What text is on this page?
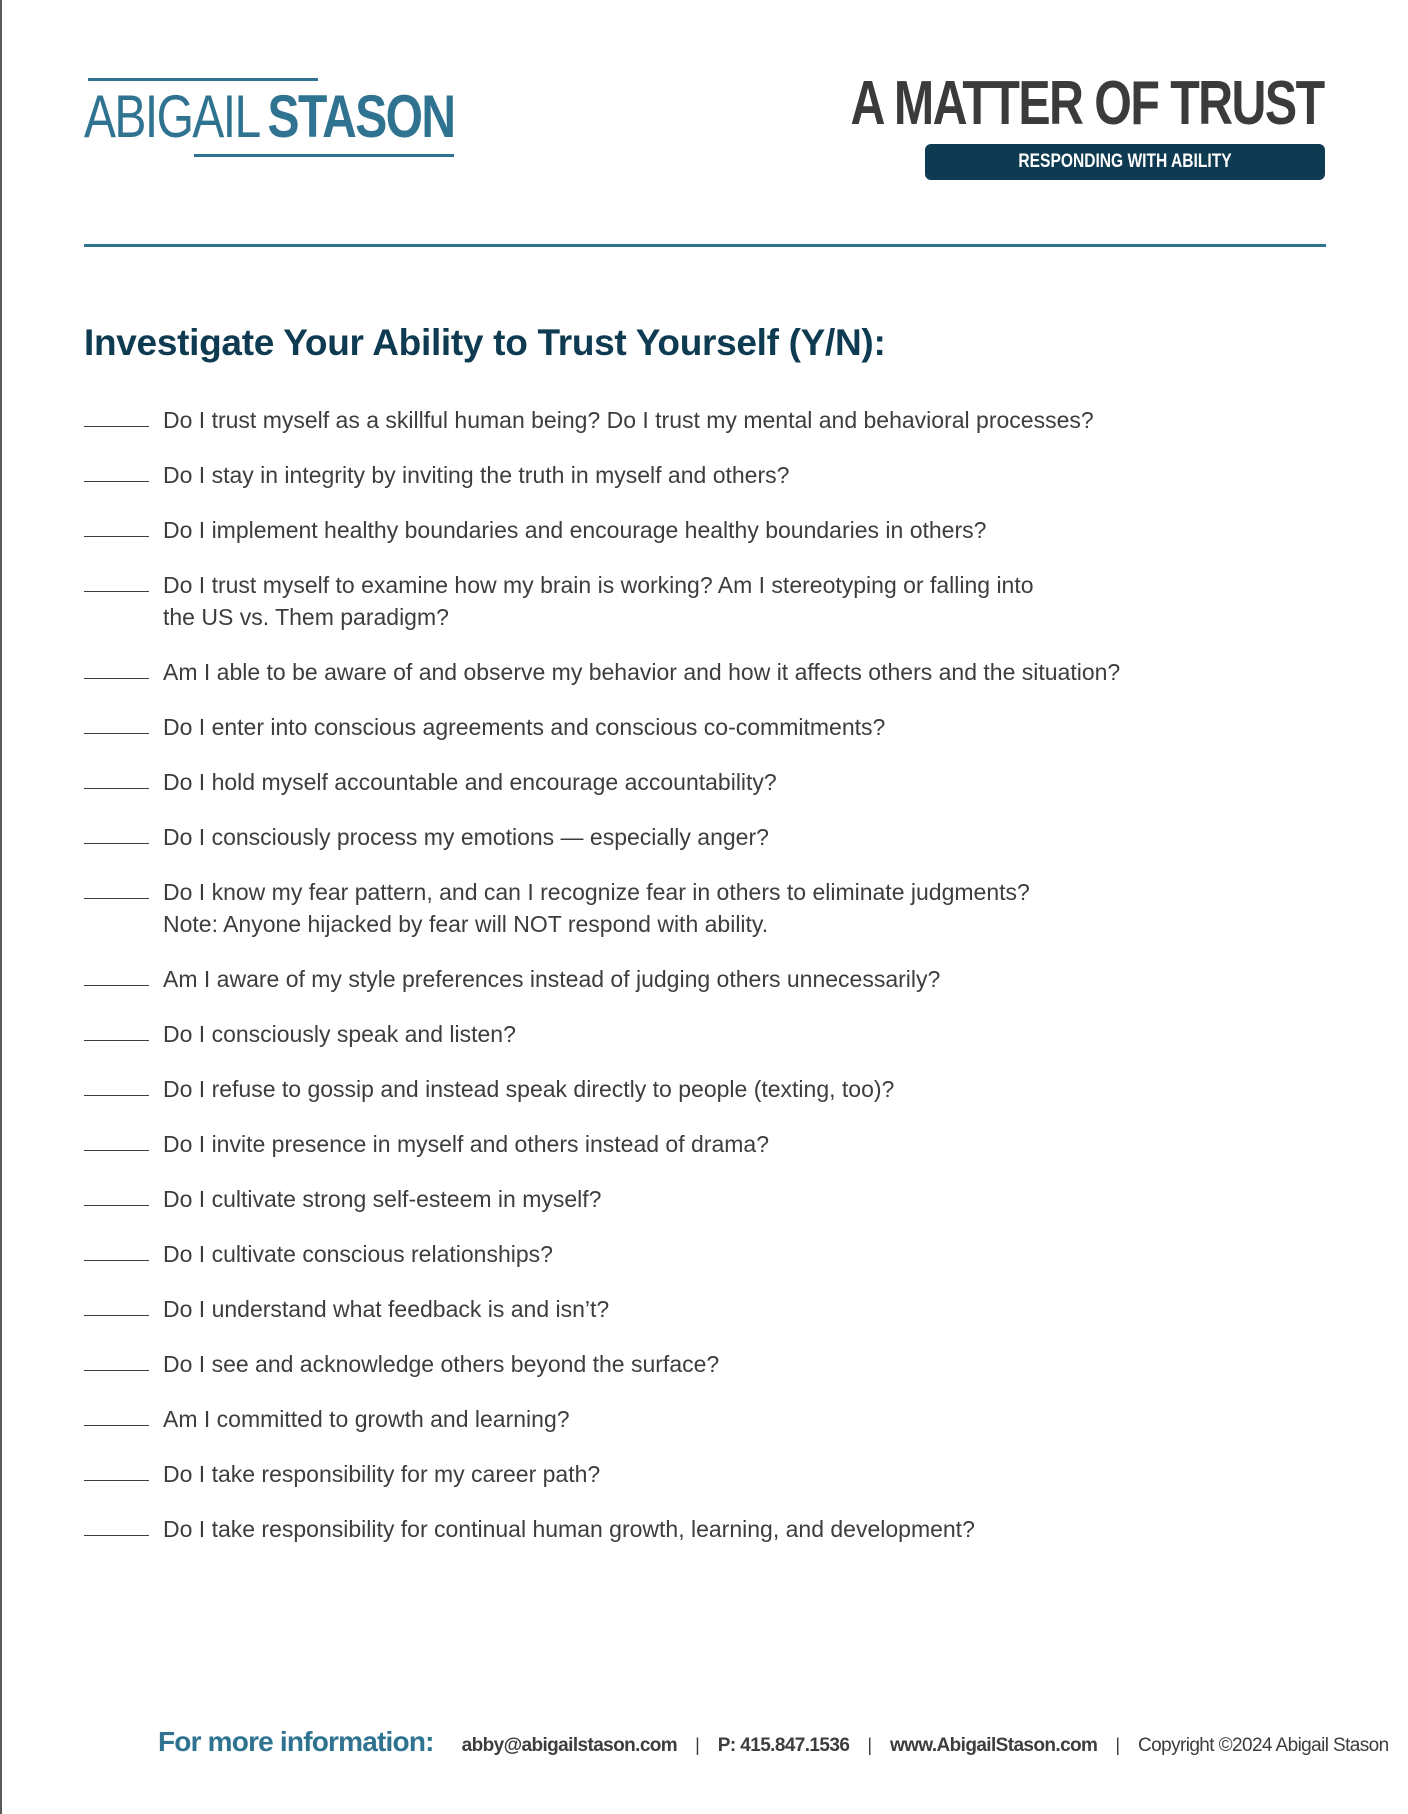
ABIGAIL STASON	A MATTER OF TRUST
RESPONDING WITH ABILITY
Investigate Your Ability to Trust Yourself (Y/N):
Do I trust myself as a skillful human being? Do I trust my mental and behavioral processes?
Do I stay in integrity by inviting the truth in myself and others?
Do I implement healthy boundaries and encourage healthy boundaries in others?
Do I trust myself to examine how my brain is working? Am I stereotyping or falling into
the US vs. Them paradigm?
Am I able to be aware of and observe my behavior and how it affects others and the situation?
Do I enter into conscious agreements and conscious co-commitments?
Do I hold myself accountable and encourage accountability?
Do I consciously process my emotions — especially anger?
Do I know my fear pattern, and can I recognize fear in others to eliminate judgments?
Note: Anyone hijacked by fear will NOT respond with ability.
Am I aware of my style preferences instead of judging others unnecessarily?
Do I consciously speak and listen?
Do I refuse to gossip and instead speak directly to people (texting, too)?
Do I invite presence in myself and others instead of drama?
Do I cultivate strong self-esteem in myself?
Do I cultivate conscious relationships?
Do I understand what feedback is and isn’t?
Do I see and acknowledge others beyond the surface?
Am I committed to growth and learning?
Do I take responsibility for my career path?
Do I take responsibility for continual human growth, learning, and development?
For more information: abby@abigailstason.com | P: 415.847.1536 | www.AbigailStason.com | Copyright ©2024 Abigail Stason
